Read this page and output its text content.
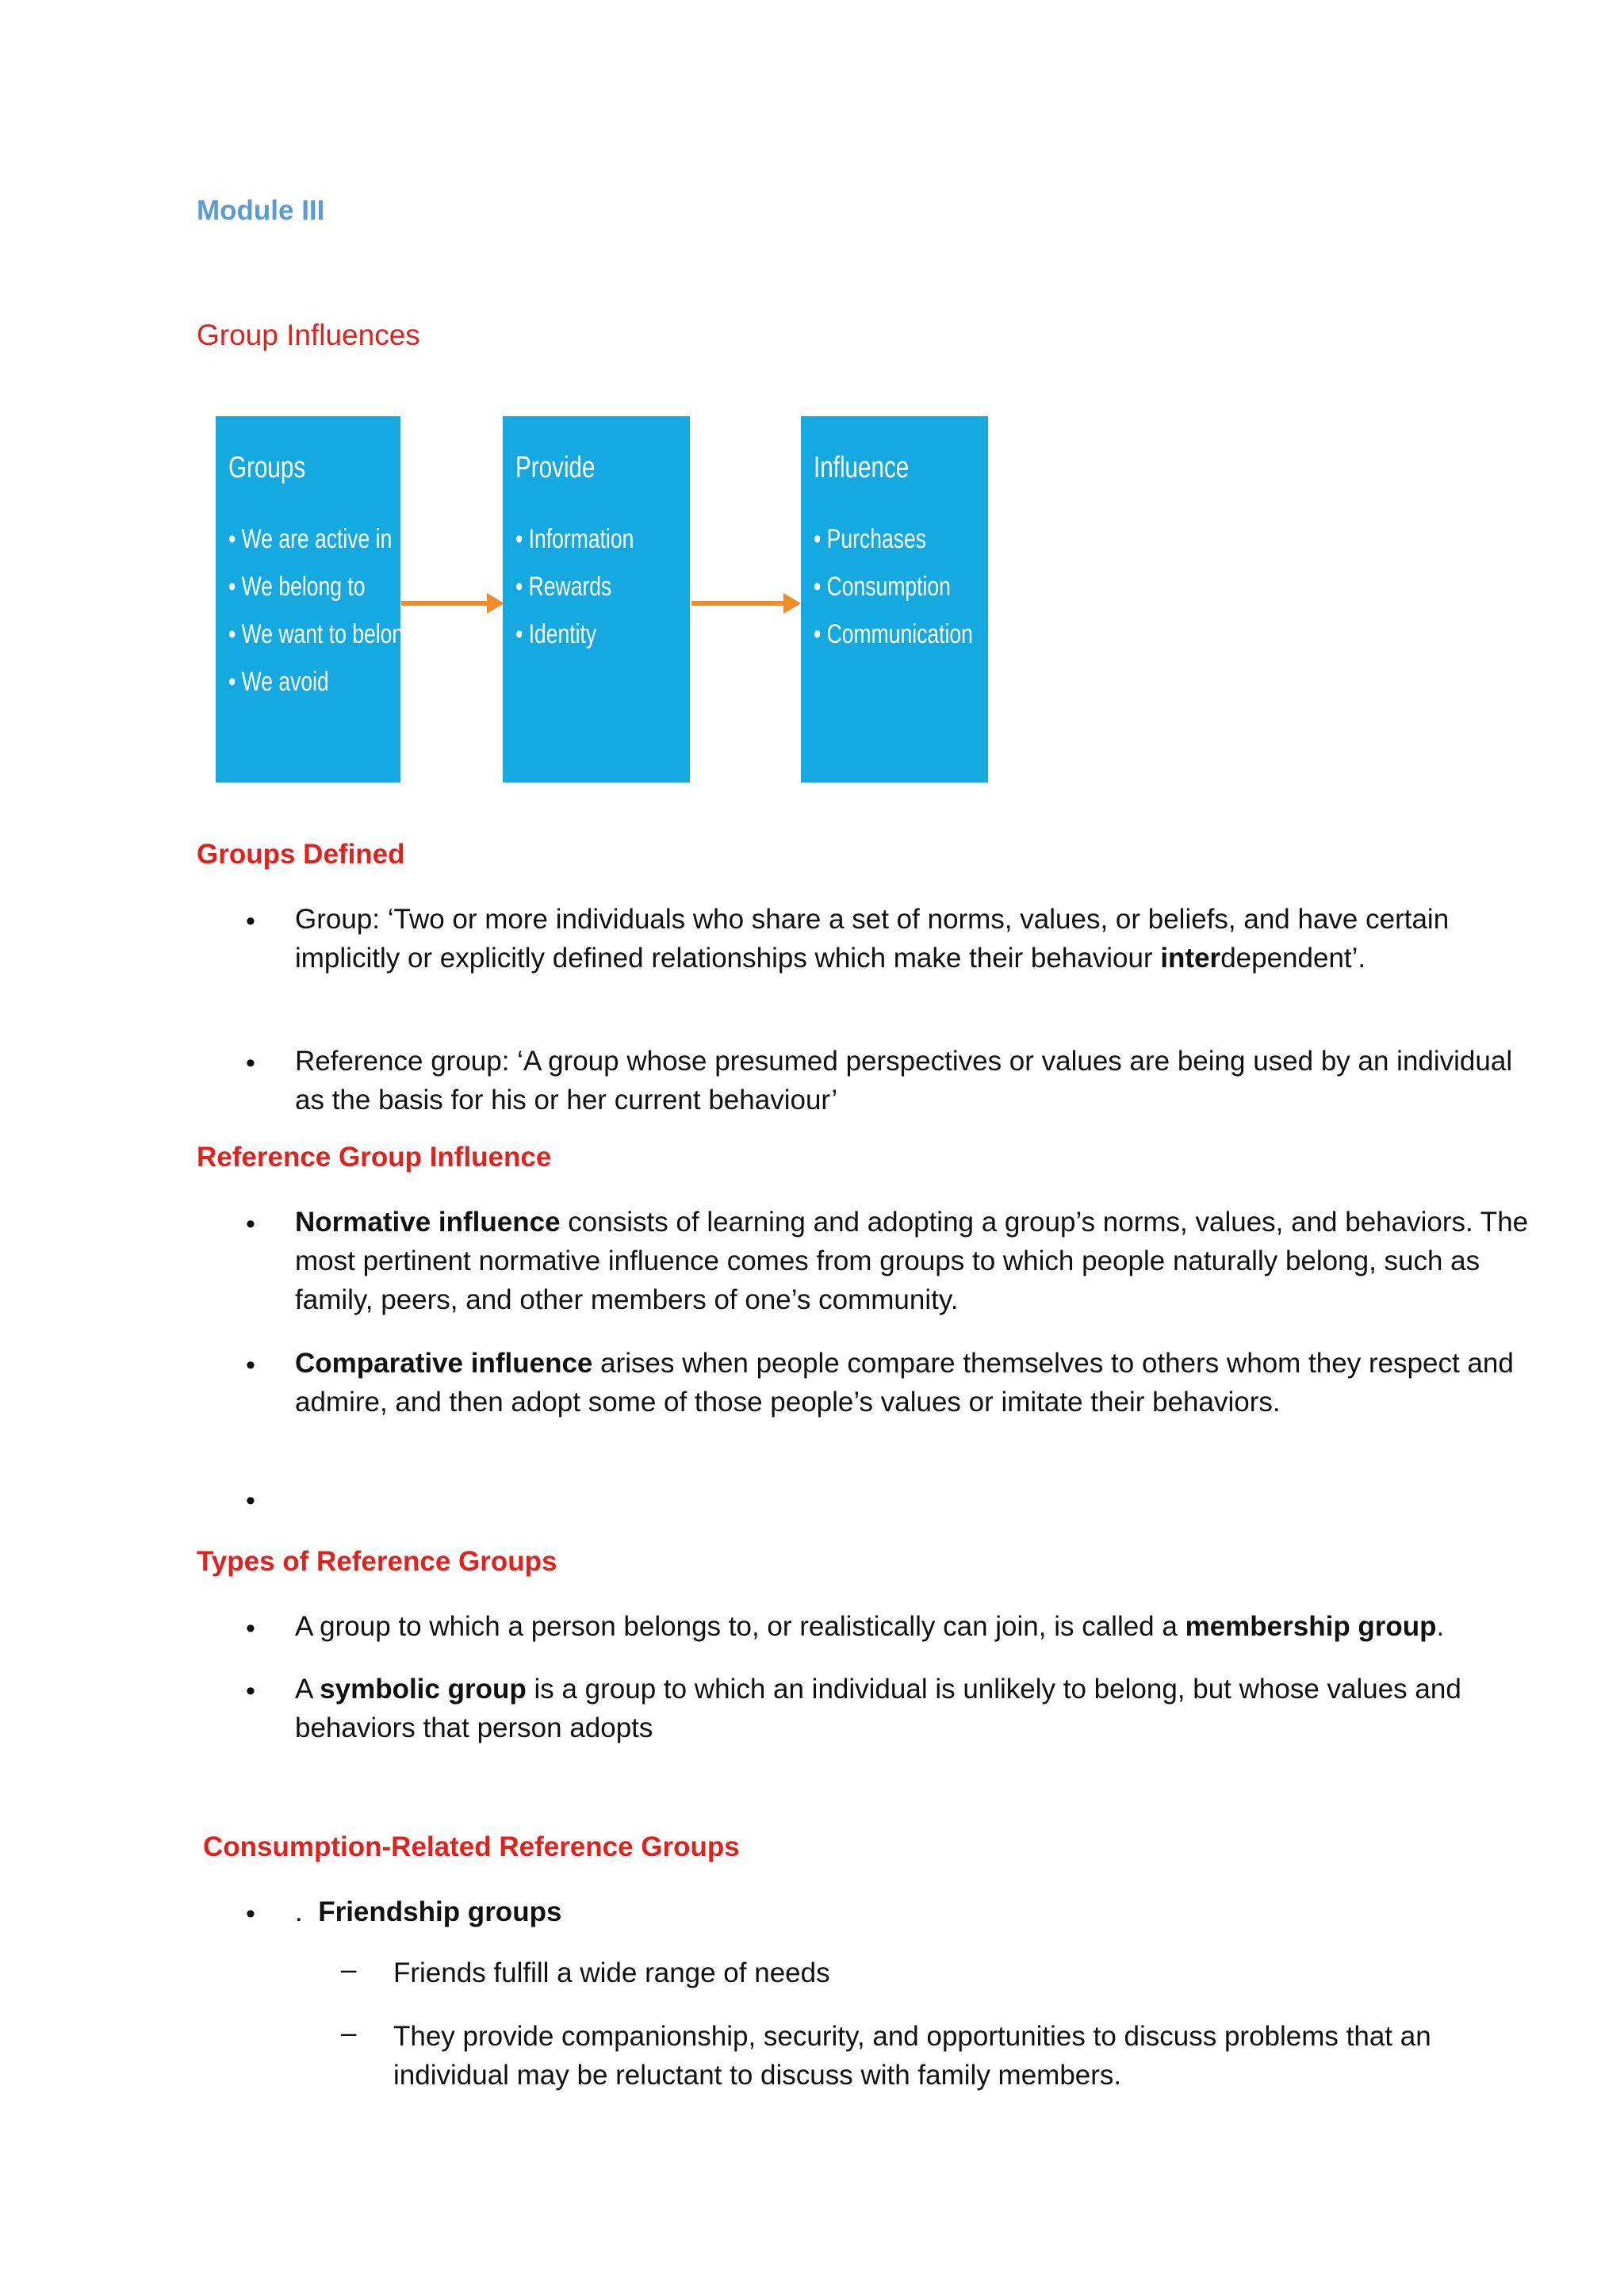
Module III
Group Influences
Groups
• We are active in
• We belong to
• We want to belong to
• We avoid
Provide
• Information
• Rewards
• Identity
Influence
• Purchases
• Consumption
• Communication
Groups Defined
• Group: ‘Two or more individuals who share a set of norms, values, or beliefs, and have certain implicitly or explicitly defined relationships which make their behaviour interdependent’.
• Reference group: ‘A group whose presumed perspectives or values are being used by an individual as the basis for his or her current behaviour’
Reference Group Influence
• Normative influence consists of learning and adopting a group’s norms, values, and behaviors. The most pertinent normative influence comes from groups to which people naturally belong, such as family, peers, and other members of one’s community.
• Comparative influence arises when people compare themselves to others whom they respect and admire, and then adopt some of those people’s values or imitate their behaviors.
•
Types of Reference Groups
• A group to which a person belongs to, or realistically can join, is called a membership group.
• A symbolic group is a group to which an individual is unlikely to belong, but whose values and behaviors that person adopts
Consumption-Related Reference Groups
• .  Friendship groups
– Friends fulfill a wide range of needs
– They provide companionship, security, and opportunities to discuss problems that an individual may be reluctant to discuss with family members.
